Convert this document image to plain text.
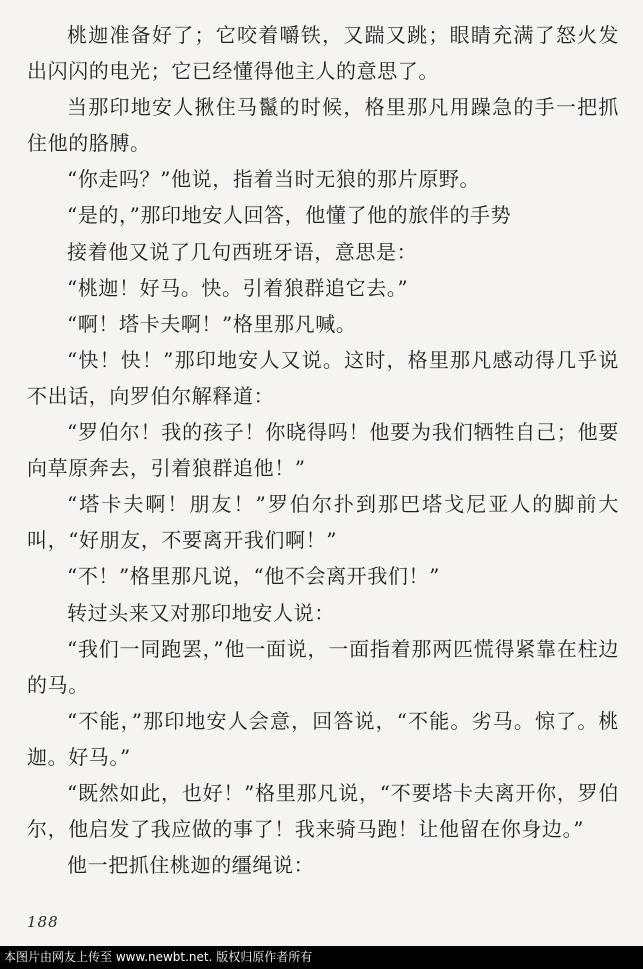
桃迦准备好了；它咬着嚼铁，又踹又跳；眼睛充满了怒火发出闪闪的电光；它已经懂得他主人的意思了。

当那印地安人揪住马鬣的时候，格里那凡用躁急的手一把抓住他的胳膊。

“你走吗？”他说，指着当时无狼的那片原野。

“是的，”那印地安人回答，他懂了他的旅伴的手势

接着他又说了几句西班牙语，意思是：

“桃迦！好马。快。引着狼群追它去。”

“啊！塔卡夫啊！”格里那凡喊。

“快！快！”那印地安人又说。这时，格里那凡感动得几乎说不出话，向罗伯尔解释道：

“罗伯尔！我的孩子！你晓得吗！他要为我们牺牲自己；他要向草原奔去，引着狼群追他！”

“塔卡夫啊！朋友！”罗伯尔扑到那巴塔戈尼亚人的脚前大叫，“好朋友，不要离开我们啊！”

“不！”格里那凡说，“他不会离开我们！”

转过头来又对那印地安人说：

“我们一同跑罢，”他一面说，一面指着那两匹慌得紧靠在柱边的马。

“不能，”那印地安人会意，回答说，“不能。劣马。惊了。桃迦。好马。”

“既然如此，也好！”格里那凡说，“不要塔卡夫离开你，罗伯尔，他启发了我应做的事了！我来骑马跑！让他留在你身边。”

他一把抓住桃迦的缰绳说：

188
本图片由网友上传至 www.newbt.net. 版权归原作者所有
